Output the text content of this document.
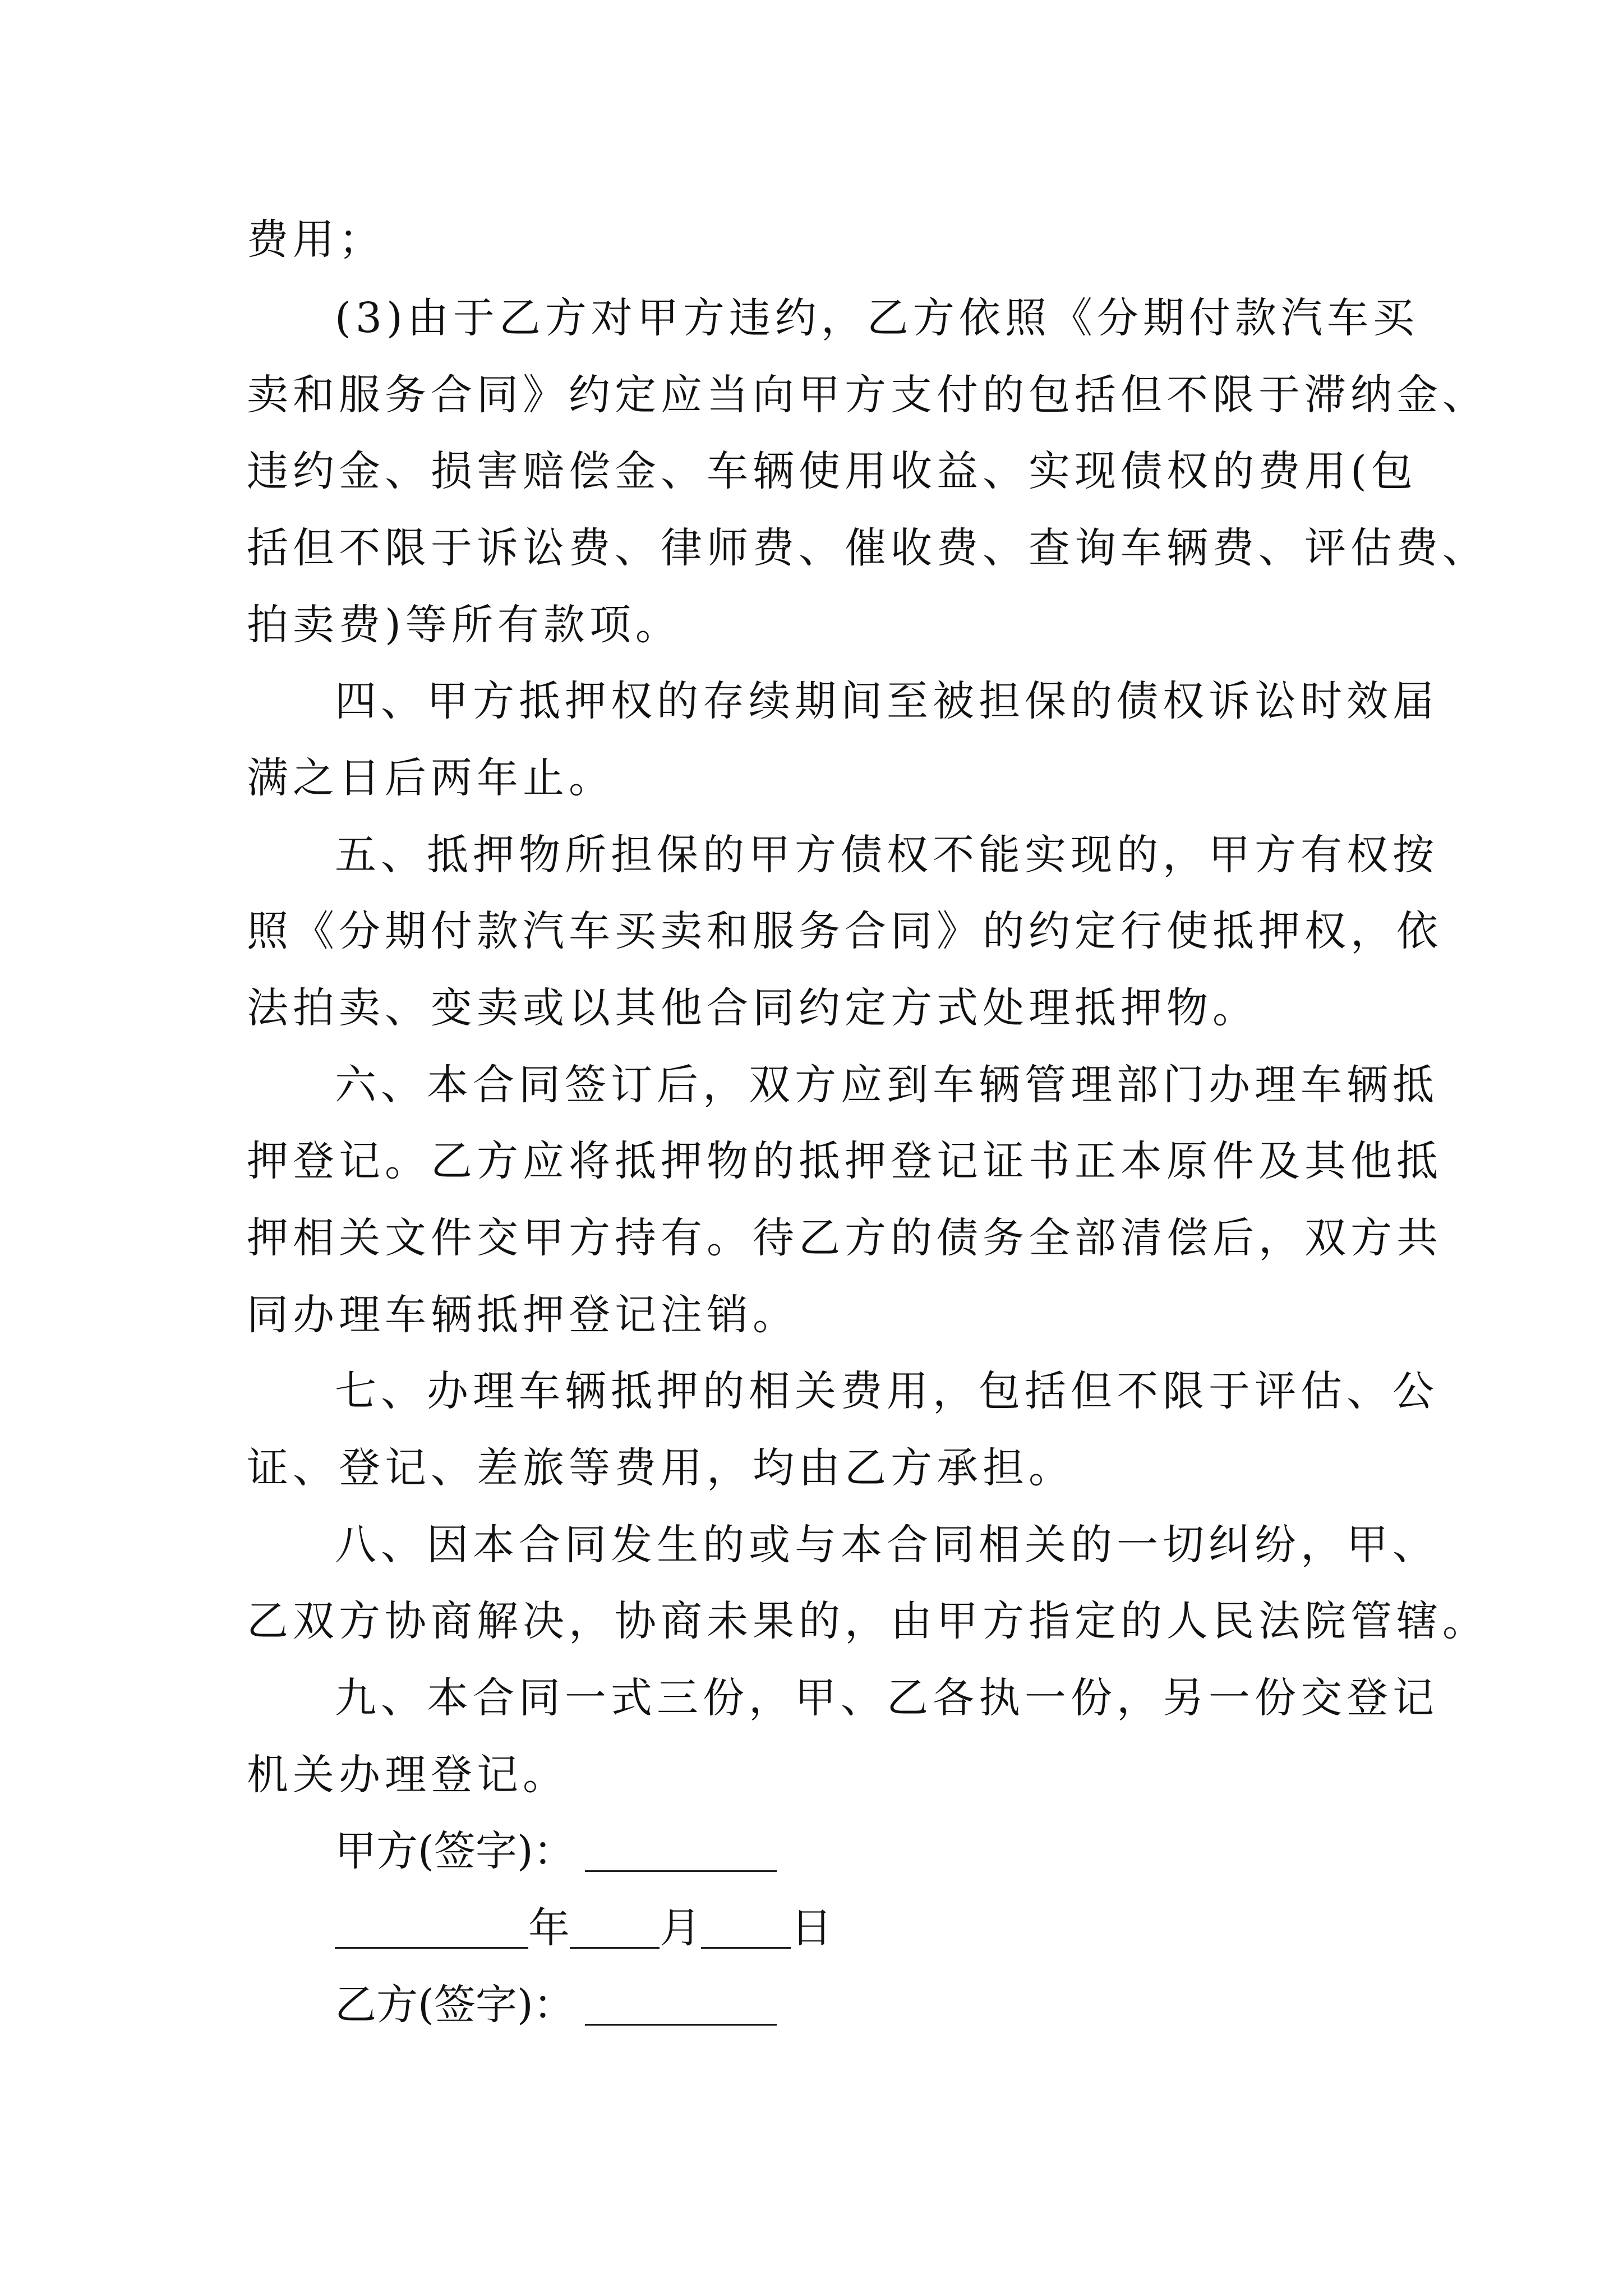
费用；
(3)由于乙方对甲方违约，乙方依照《分期付款汽车买
卖和服务合同》约定应当向甲方支付的包括但不限于滞纳金、
违约金、损害赔偿金、车辆使用收益、实现债权的费用(包
括但不限于诉讼费、律师费、催收费、查询车辆费、评估费、
拍卖费)等所有款项。
四、甲方抵押权的存续期间至被担保的债权诉讼时效届
满之日后两年止。
五、抵押物所担保的甲方债权不能实现的，甲方有权按
照《分期付款汽车买卖和服务合同》的约定行使抵押权，依
法拍卖、变卖或以其他合同约定方式处理抵押物。
六、本合同签订后，双方应到车辆管理部门办理车辆抵
押登记。乙方应将抵押物的抵押登记证书正本原件及其他抵
押相关文件交甲方持有。待乙方的债务全部清偿后，双方共
同办理车辆抵押登记注销。
七、办理车辆抵押的相关费用，包括但不限于评估、公
证、登记、差旅等费用，均由乙方承担。
八、因本合同发生的或与本合同相关的一切纠纷，甲、
乙双方协商解决，协商未果的，由甲方指定的人民法院管辖。
九、本合同一式三份，甲、乙各执一份，另一份交登记
机关办理登记。
甲方(签字)：
年 月 日
乙方(签字)：
